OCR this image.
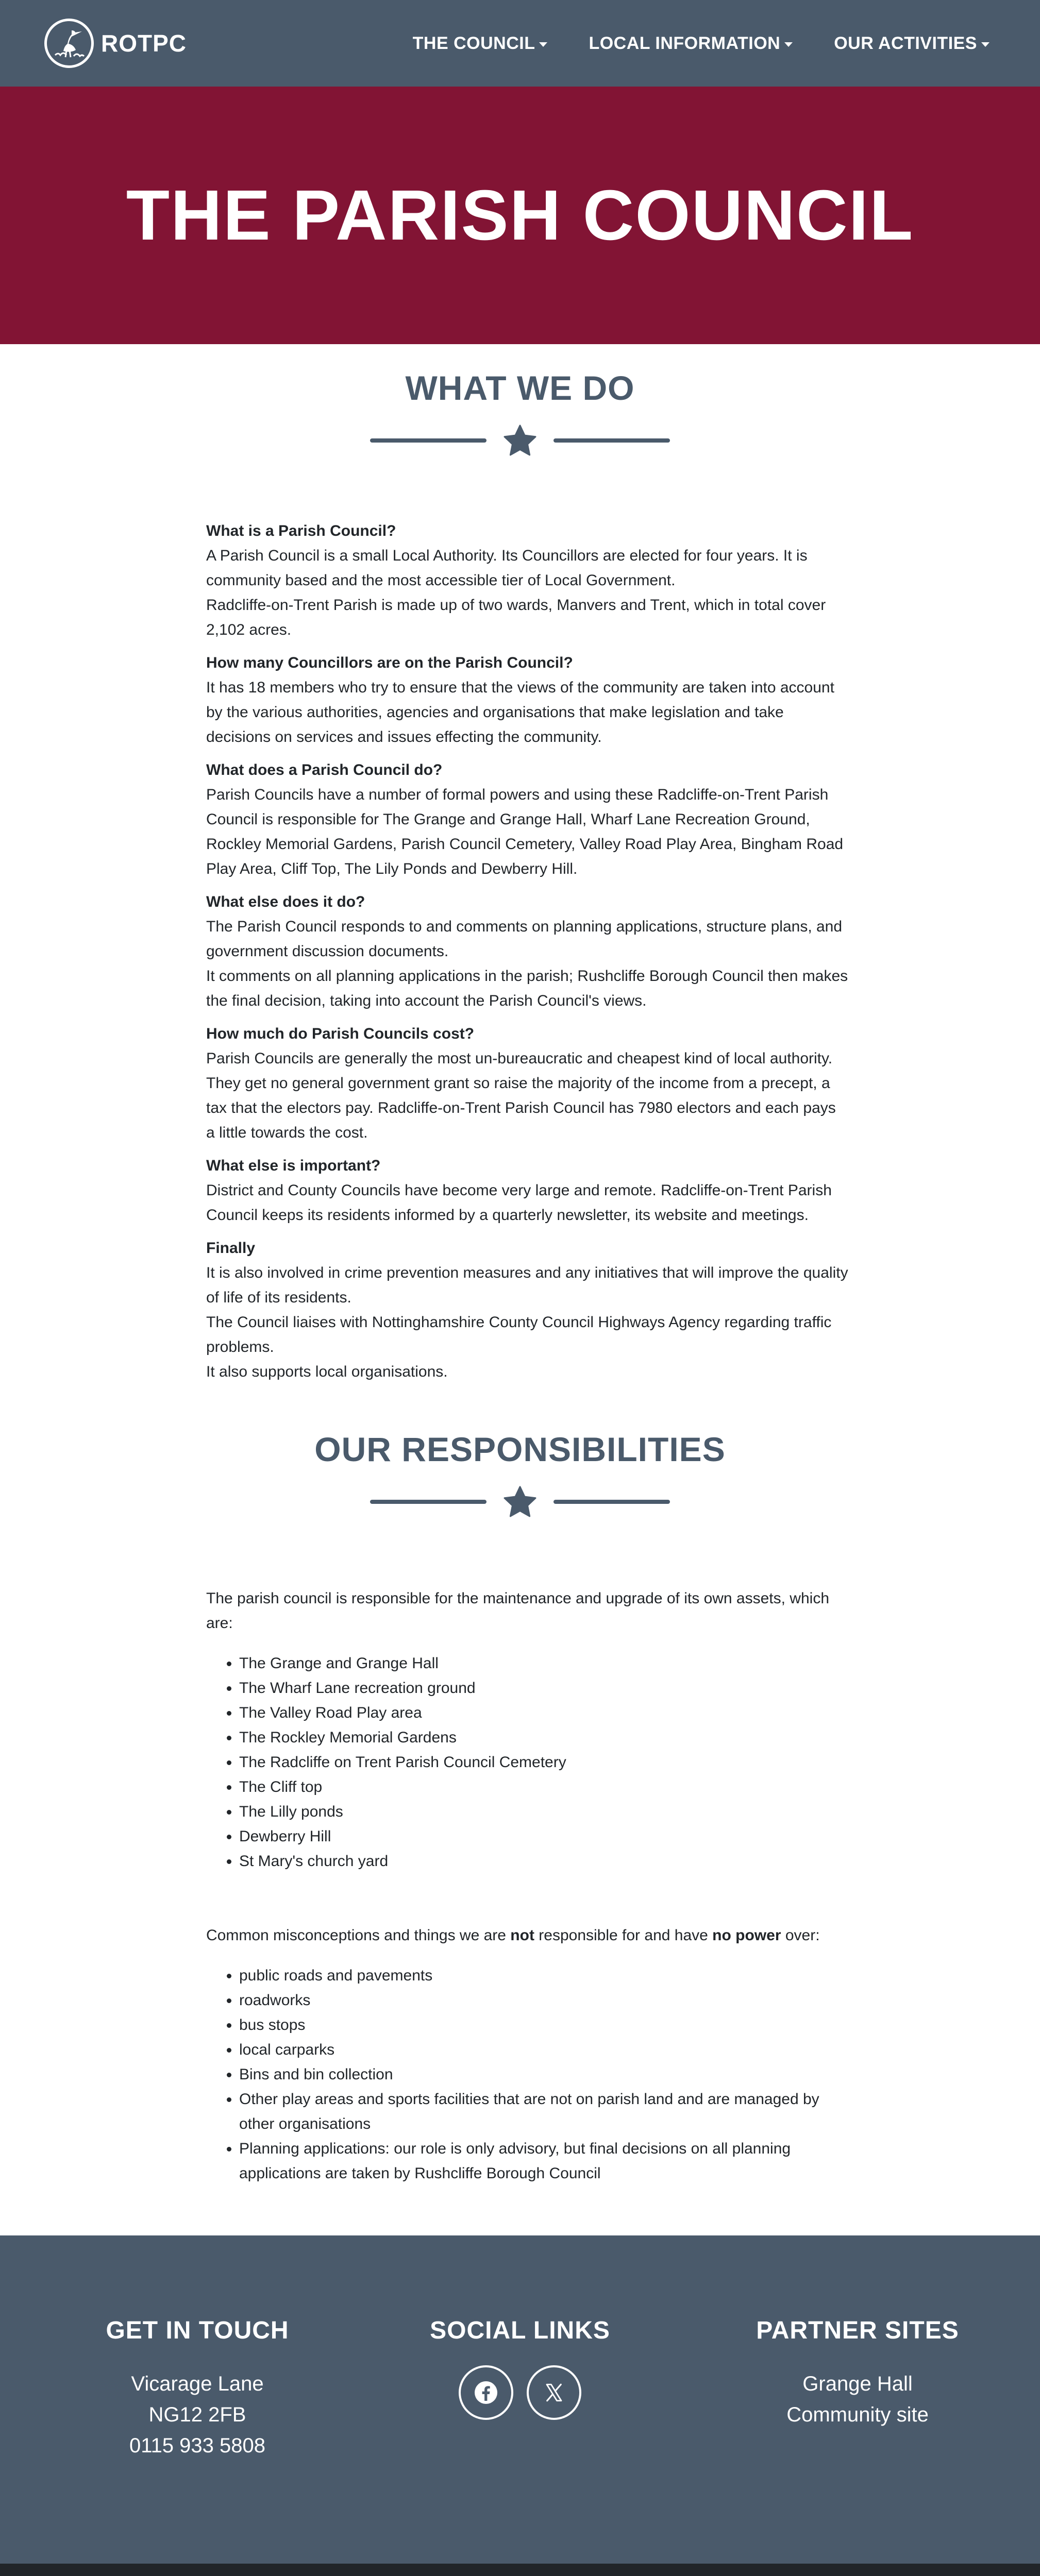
ROTPC	THE COUNCIL	LOCAL INFORMATION	OUR ACTIVITIES
THE PARISH COUNCIL
WHAT WE DO

What is a Parish Council?

A Parish Council is a small Local Authority. Its Councillors are elected for four years. It is community based and the most accessible tier of Local Government.

Radcliffe-on-Trent Parish is made up of two wards, Manvers and Trent, which in total cover 2,102 acres.

How many Councillors are on the Parish Council?

It has 18 members who try to ensure that the views of the community are taken into account by the various authorities, agencies and organisations that make legislation and take decisions on services and issues effecting the community.

What does a Parish Council do?

Parish Councils have a number of formal powers and using these Radcliffe-on-Trent Parish Council is responsible for The Grange and Grange Hall, Wharf Lane Recreation Ground, Rockley Memorial Gardens, Parish Council Cemetery, Valley Road Play Area, Bingham Road Play Area, Cliff Top, The Lily Ponds and Dewberry Hill.

What else does it do?

The Parish Council responds to and comments on planning applications, structure plans, and government discussion documents.

It comments on all planning applications in the parish; Rushcliffe Borough Council then makes the final decision, taking into account the Parish Council's views.

How much do Parish Councils cost?

Parish Councils are generally the most un-bureaucratic and cheapest kind of local authority. They get no general government grant so raise the majority of the income from a precept, a tax that the electors pay. Radcliffe-on-Trent Parish Council has 7980 electors and each pays a little towards the cost.

What else is important?

District and County Councils have become very large and remote. Radcliffe-on-Trent Parish Council keeps its residents informed by a quarterly newsletter, its website and meetings.

Finally

It is also involved in crime prevention measures and any initiatives that will improve the quality of life of its residents.

The Council liaises with Nottinghamshire County Council Highways Agency regarding traffic problems.

It also supports local organisations.

OUR RESPONSIBILITIES

The parish council is responsible for the maintenance and upgrade of its own assets, which are:

• The Grange and Grange Hall
• The Wharf Lane recreation ground
• The Valley Road Play area
• The Rockley Memorial Gardens
• The Radcliffe on Trent Parish Council Cemetery
• The Cliff top
• The Lilly ponds
• Dewberry Hill
• St Mary's church yard

Common misconceptions and things we are not responsible for and have no power over:

• public roads and pavements
• roadworks
• bus stops
• local carparks
• Bins and bin collection
• Other play areas and sports facilities that are not on parish land and are managed by other organisations
• Planning applications: our role is only advisory, but final decisions on all planning applications are taken by Rushcliffe Borough Council
GET IN TOUCH
Vicarage Lane
NG12 2FB
0115 933 5808
SOCIAL LINKS	PARTNER SITES
Grange Hall
Community site
